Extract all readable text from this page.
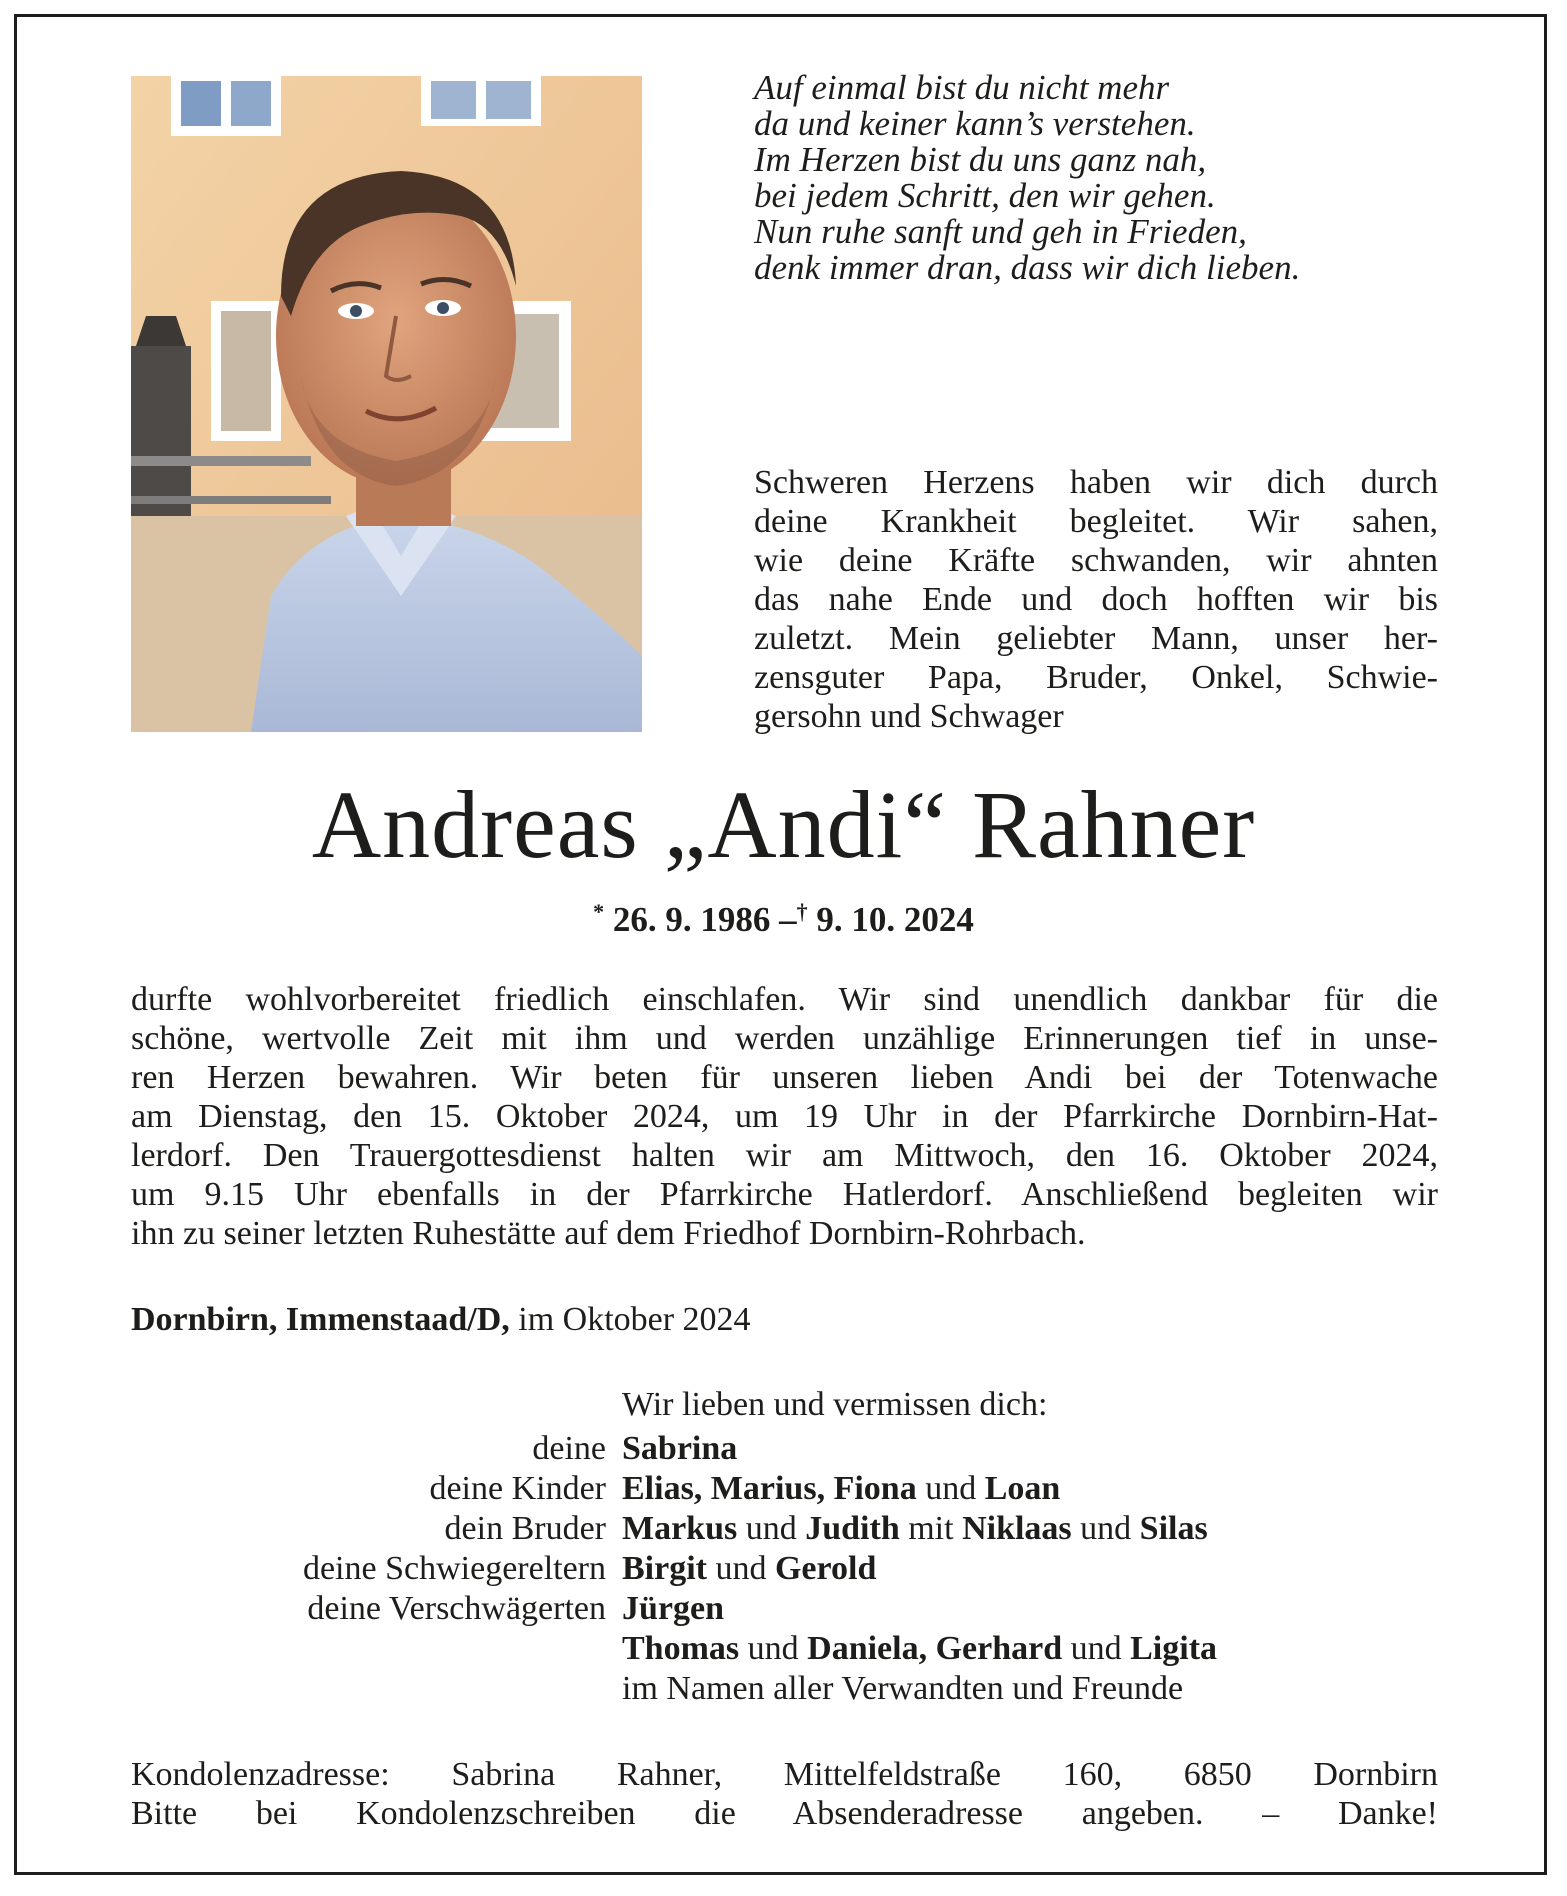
Auf einmal bist du nicht mehr
da und keiner kann’s verstehen.
Im Herzen bist du uns ganz nah,
bei jedem Schritt, den wir gehen.
Nun ruhe sanft und geh in Frieden,
denk immer dran, dass wir dich lieben.
Schweren Herzens haben wir dich durch
deine Krankheit begleitet. Wir sahen,
wie deine Kräfte schwanden, wir ahnten
das nahe Ende und doch hofften wir bis
zuletzt. Mein geliebter Mann, unser her-
zensguter Papa, Bruder, Onkel, Schwie-
gersohn und Schwager
Andreas „Andi“ Rahner
* 26. 9. 1986 –† 9. 10. 2024
durfte wohlvorbereitet friedlich einschlafen. Wir sind unendlich dankbar für die
schöne, wertvolle Zeit mit ihm und werden unzählige Erinnerungen tief in unse-
ren Herzen bewahren. Wir beten für unseren lieben Andi bei der Totenwache
am Dienstag, den 15. Oktober 2024, um 19 Uhr in der Pfarrkirche Dornbirn-Hat-
lerdorf. Den Trauergottesdienst halten wir am Mittwoch, den 16. Oktober 2024,
um 9.15 Uhr ebenfalls in der Pfarrkirche Hatlerdorf. Anschließend begleiten wir
ihn zu seiner letzten Ruhestätte auf dem Friedhof Dornbirn-Rohrbach.
Dornbirn, Immenstaad/D, im Oktober 2024
Wir lieben und vermissen dich:
deine Sabrina
deine Kinder Elias, Marius, Fiona und Loan
dein Bruder Markus und Judith mit Niklaas und Silas
deine Schwiegereltern Birgit und Gerold
deine Verschwägerten Jürgen
Thomas und Daniela, Gerhard und Ligita
im Namen aller Verwandten und Freunde
Kondolenzadresse: Sabrina Rahner, Mittelfeldstraße 160, 6850 Dornbirn
Bitte bei Kondolenzschreiben die Absenderadresse angeben. – Danke!
